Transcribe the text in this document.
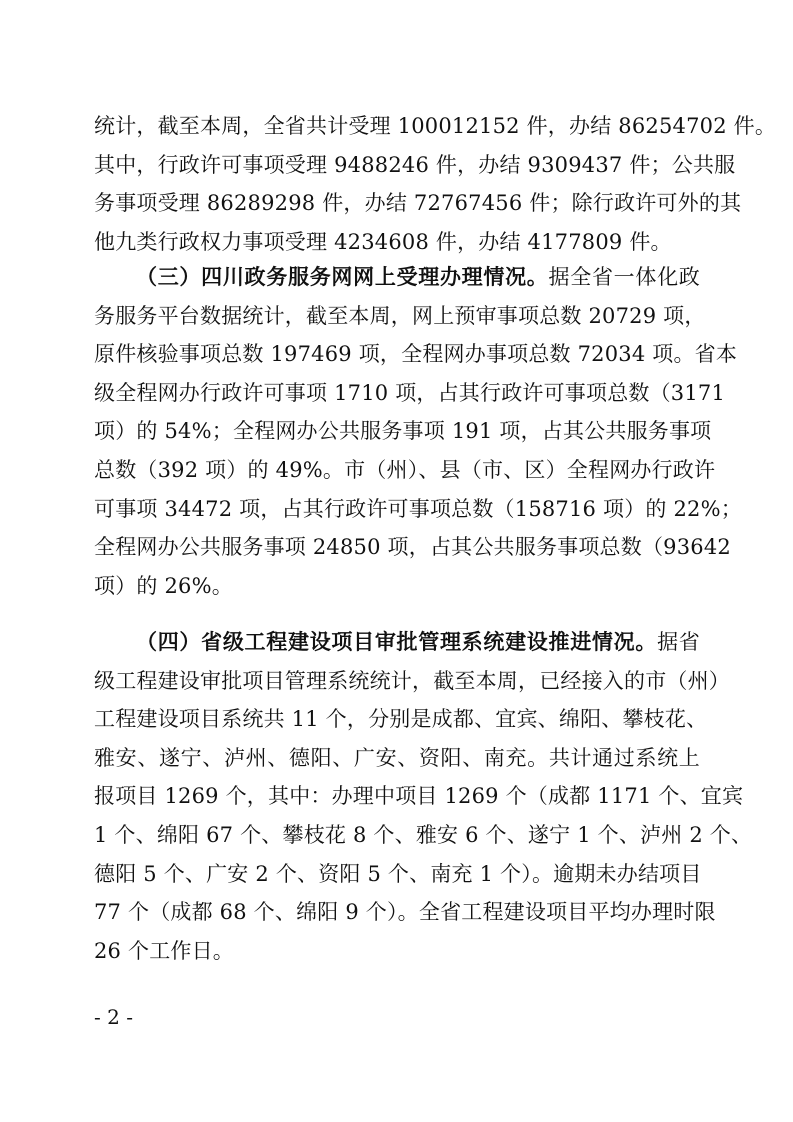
统计，截至本周，全省共计受理 100012152 件，办结 86254702 件。
其中，行政许可事项受理 9488246 件，办结 9309437 件；公共服
务事项受理 86289298 件，办结 72767456 件；除行政许可外的其
他九类行政权力事项受理 4234608 件，办结 4177809 件。
（三）四川政务服务网网上受理办理情况。据全省一体化政
务服务平台数据统计，截至本周，网上预审事项总数 20729 项，
原件核验事项总数 197469 项，全程网办事项总数 72034 项。省本
级全程网办行政许可事项 1710 项，占其行政许可事项总数（3171
项）的 54%；全程网办公共服务事项 191 项，占其公共服务事项
总数（392 项）的 49%。市（州）、县（市、区）全程网办行政许
可事项 34472 项，占其行政许可事项总数（158716 项）的 22%；
全程网办公共服务事项 24850 项，占其公共服务事项总数（93642
项）的 26%。
（四）省级工程建设项目审批管理系统建设推进情况。据省
级工程建设审批项目管理系统统计，截至本周，已经接入的市（州）
工程建设项目系统共 11 个，分别是成都、宜宾、绵阳、攀枝花、
雅安、遂宁、泸州、德阳、广安、资阳、南充。共计通过系统上
报项目 1269 个，其中：办理中项目 1269 个（成都 1171 个、宜宾
1 个、绵阳 67 个、攀枝花 8 个、雅安 6 个、遂宁 1 个、泸州 2 个、
德阳 5 个、广安 2 个、资阳 5 个、南充 1 个）。逾期未办结项目
77 个（成都 68 个、绵阳 9 个）。全省工程建设项目平均办理时限
26 个工作日。
- 2 -
